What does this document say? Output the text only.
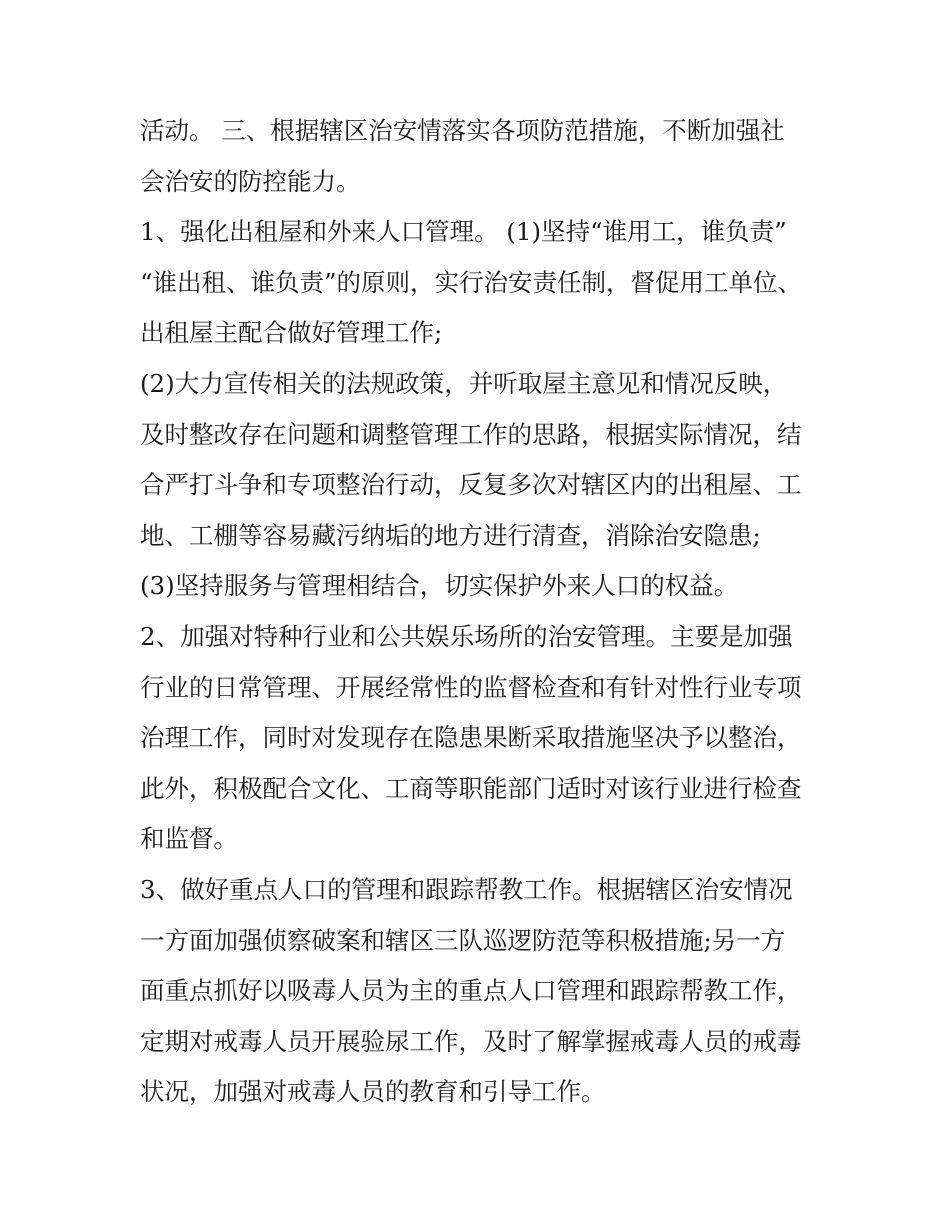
活动。 三、根据辖区治安情落实各项防范措施，不断加强社
会治安的防控能力。
1、强化出租屋和外来人口管理。 (1)坚持“谁用工，谁负责”
“谁出租、谁负责”的原则，实行治安责任制，督促用工单位、
出租屋主配合做好管理工作;
(2)大力宣传相关的法规政策，并听取屋主意见和情况反映，
及时整改存在问题和调整管理工作的思路，根据实际情况，结
合严打斗争和专项整治行动，反复多次对辖区内的出租屋、工
地、工棚等容易藏污纳垢的地方进行清查，消除治安隐患;
(3)坚持服务与管理相结合，切实保护外来人口的权益。
2、加强对特种行业和公共娱乐场所的治安管理。主要是加强
行业的日常管理、开展经常性的监督检查和有针对性行业专项
治理工作，同时对发现存在隐患果断采取措施坚决予以整治，
此外，积极配合文化、工商等职能部门适时对该行业进行检查
和监督。
3、做好重点人口的管理和跟踪帮教工作。根据辖区治安情况
一方面加强侦察破案和辖区三队巡逻防范等积极措施;另一方
面重点抓好以吸毒人员为主的重点人口管理和跟踪帮教工作，
定期对戒毒人员开展验尿工作，及时了解掌握戒毒人员的戒毒
状况，加强对戒毒人员的教育和引导工作。
